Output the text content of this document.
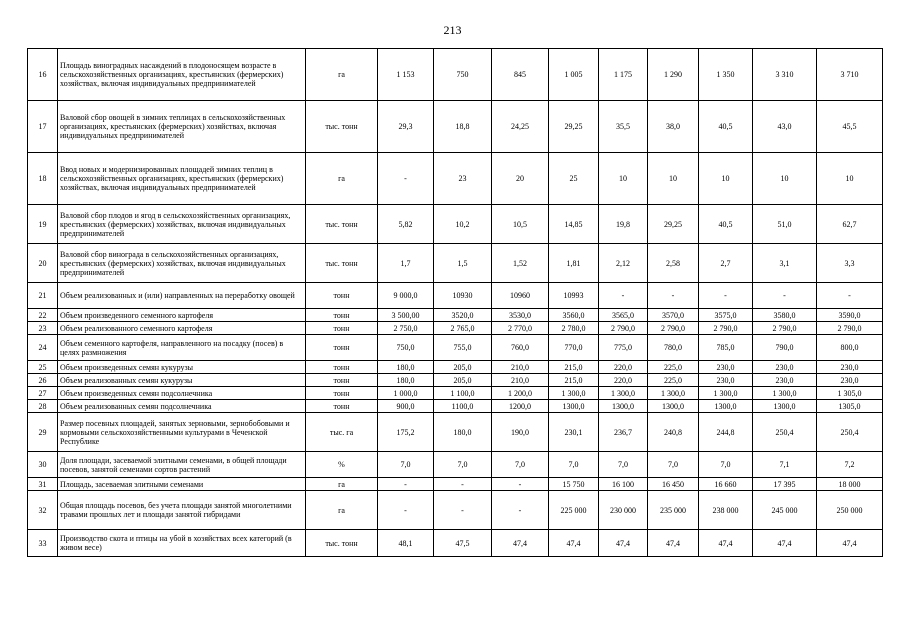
213
16	Площадь виноградных насаждений в плодоносящем возрасте в сельскохозяйственных организациях, крестьянских (фермерских) хозяйствах, включая индивидуальных предпринимателей	га	1 153	750	845	1 005	1 175	1 290	1 350	3 310	3 710
17	Валовой сбор овощей в зимних теплицах в сельскохозяйственных организациях, крестьянских (фермерских) хозяйствах, включая индивидуальных предпринимателей	тыс. тонн	29,3	18,8	24,25	29,25	35,5	38,0	40,5	43,0	45,5
18	Ввод новых и модернизированных площадей зимних теплиц в сельскохозяйственных организациях, крестьянских (фермерских) хозяйствах, включая индивидуальных предпринимателей	га	-	23	20	25	10	10	10	10	10
19	Валовой сбор плодов и ягод в сельскохозяйственных организациях, крестьянских (фермерских) хозяйствах, включая индивидуальных предпринимателей	тыс. тонн	5,82	10,2	10,5	14,85	19,8	29,25	40,5	51,0	62,7
20	Валовой сбор винограда в сельскохозяйственных организациях, крестьянских (фермерских) хозяйствах, включая индивидуальных предпринимателей	тыс. тонн	1,7	1,5	1,52	1,81	2,12	2,58	2,7	3,1	3,3
21	Объем реализованных и (или) направленных на переработку овощей	тонн	9 000,0	10930	10960	10993	-	-	-	-	-
22	Объем произведенного семенного картофеля	тонн	3 500,00	3520,0	3530,0	3560,0	3565,0	3570,0	3575,0	3580,0	3590,0
23	Объем реализованного семенного картофеля	тонн	2 750,0	2 765,0	2 770,0	2 780,0	2 790,0	2 790,0	2 790,0	2 790,0	2 790,0
24	Объем семенного картофеля, направленного на посадку (посев) в целях размножения	тонн	750,0	755,0	760,0	770,0	775,0	780,0	785,0	790,0	800,0
25	Объем произведенных семян кукурузы	тонн	180,0	205,0	210,0	215,0	220,0	225,0	230,0	230,0	230,0
26	Объем реализованных семян кукурузы	тонн	180,0	205,0	210,0	215,0	220,0	225,0	230,0	230,0	230,0
27	Объем произведенных семян подсолнечника	тонн	1 000,0	1 100,0	1 200,0	1 300,0	1 300,0	1 300,0	1 300,0	1 300,0	1 305,0
28	Объем реализованных семян подсолнечника	тонн	900,0	1100,0	1200,0	1300,0	1300,0	1300,0	1300,0	1300,0	1305,0
29	Размер посевных площадей, занятых зерновыми, зернобобовыми и кормовыми сельскохозяйственными культурами в Чеченской Республике	тыс. га	175,2	180,0	190,0	230,1	236,7	240,8	244,8	250,4	250,4
30	Доля площади, засеваемой элитными семенами, в общей площади посевов, занятой семенами сортов растений	%	7,0	7,0	7,0	7,0	7,0	7,0	7,0	7,1	7,2
31	Площадь, засеваемая элитными семенами	га	-	-	-	15 750	16 100	16 450	16 660	17 395	18 000
32	Общая площадь посевов, без учета площади занятой многолетними травами прошлых лет и площади занятой гибридами	га	-	-	-	225 000	230 000	235 000	238 000	245 000	250 000
33	Производство скота и птицы на убой в хозяйствах всех категорий (в живом весе)	тыс. тонн	48,1	47,5	47,4	47,4	47,4	47,4	47,4	47,4	47,4
